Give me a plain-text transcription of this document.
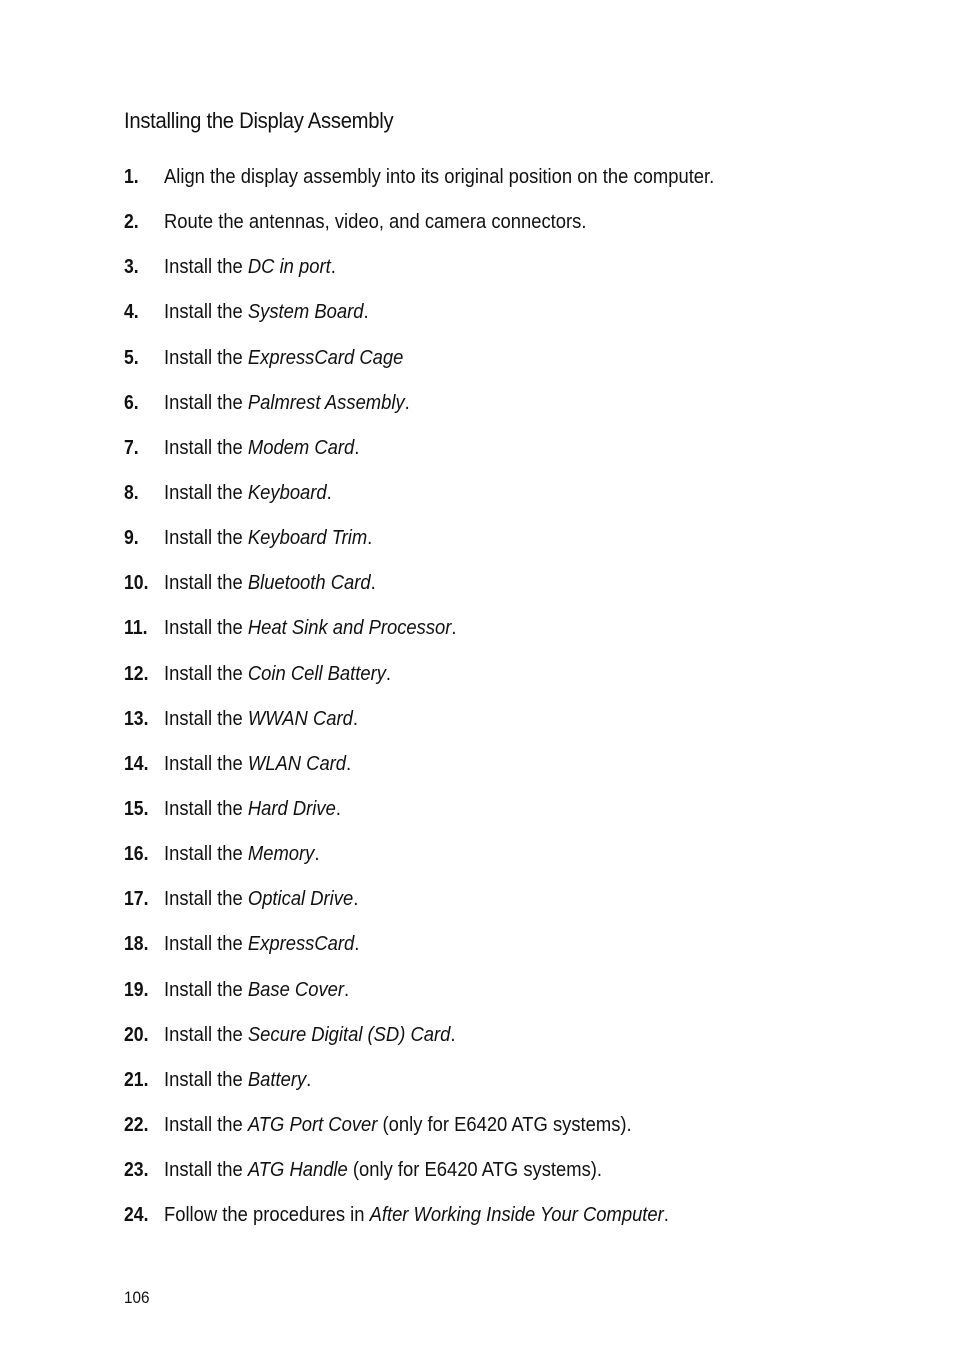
Installing the Display Assembly
1.	Align the display assembly into its original position on the computer.
2.	Route the antennas, video, and camera connectors.
3.	Install the DC in port.
4.	Install the System Board.
5.	Install the ExpressCard Cage
6.	Install the Palmrest Assembly.
7.	Install the Modem Card.
8.	Install the Keyboard.
9.	Install the Keyboard Trim.
10. Install the Bluetooth Card.
11. Install the Heat Sink and Processor.
12. Install the Coin Cell Battery.
13. Install the WWAN Card.
14. Install the WLAN Card.
15. Install the Hard Drive.
16. Install the Memory.
17. Install the Optical Drive.
18. Install the ExpressCard.
19. Install the Base Cover.
20. Install the Secure Digital (SD) Card.
21. Install the Battery.
22. Install the ATG Port Cover (only for E6420 ATG systems).
23. Install the ATG Handle (only for E6420 ATG systems).
24. Follow the procedures in After Working Inside Your Computer.
106
